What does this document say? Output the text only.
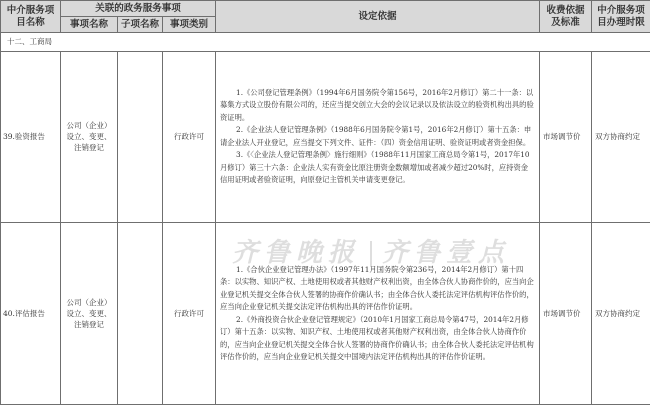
中介服务项目名称	关联的政务服务事项			设定依据	收费依据及标准	中介服务项目办理时限
	事项名称	子项名称	事项类别			
十二、工商局						
39.验资报告	公司（企业）设立、变更、注销登记		行政许可	1.《公司登记管理条例》（1994年6月国务院令第156号，2016年2月修订）第二十一条：以募集方式设立股份有限公司的，还应当提交创立大会的会议记录以及依法设立的验资机构出具的验资证明。

2.《企业法人登记管理条例》（1988年6月国务院令第1号，2016年2月修订）第十五条：申请企业法人开业登记，应当提交下列文件、证件：（四）资金信用证明、验资证明或者资金担保。

3.《〈企业法人登记管理条例〉施行细则》（1988年11月国家工商总局令第1号，2017年10月修订）第三十六条：企业法人实有资金比原注册资金数额增加或者减少超过20%时，应持资金信用证明或者验资证明，向原登记主管机关申请变更登记。	市场调节价	双方协商约定
40.评估报告	公司（企业）设立、变更、注销登记		行政许可	1.《合伙企业登记管理办法》（1997年11月国务院令第236号，2014年2月修订）第十四条：以实物、知识产权、土地使用权或者其他财产权利出资，由全体合伙人协商作价的，应当向企业登记机关提交全体合伙人签署的协商作价确认书；由全体合伙人委托法定评估机构评估作价的，应当向企业登记机关提交法定评估机构出具的评估作价证明。

2.《外商投资合伙企业登记管理规定》（2010年1月国家工商总局令第47号，2014年2月修订）第十五条：以实物、知识产权、土地使用权或者其他财产权利出资，由全体合伙人协商作价的，应当向企业登记机关提交全体合伙人签署的协商作价确认书；由全体合伙人委托法定评估机构评估作价的，应当向企业登记机关提交中国境内法定评估机构出具的评估作价证明。	市场调节价	双方协商约定
齐鲁晚报 齐鲁壹点
